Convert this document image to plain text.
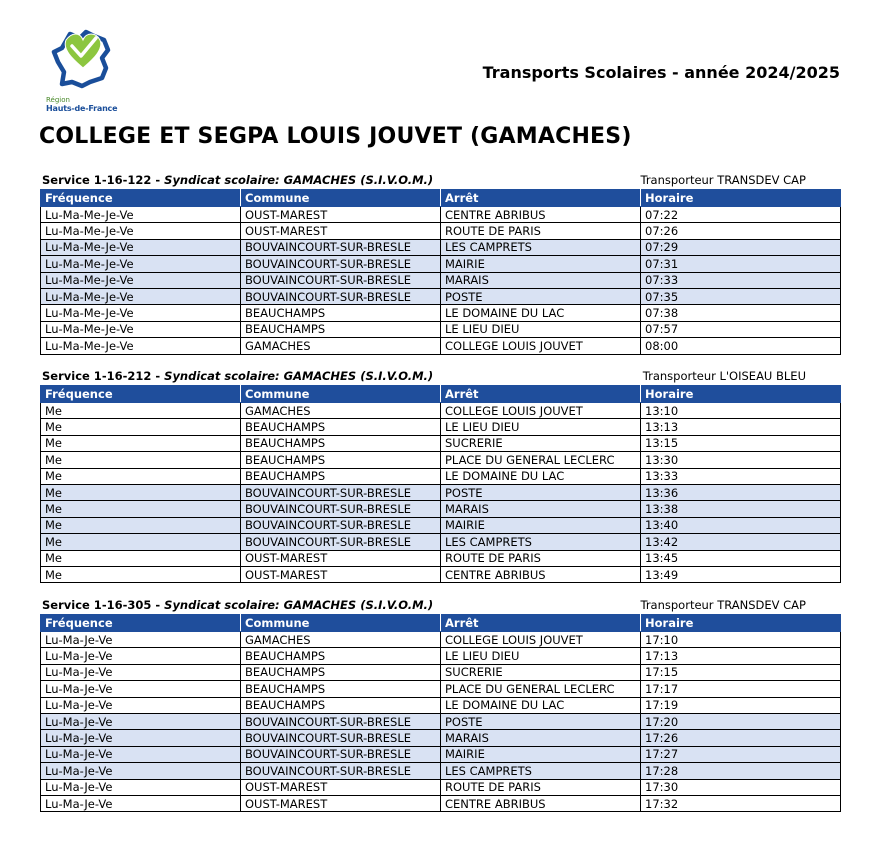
Région
Hauts-de-France
Transports Scolaires - année 2024/2025
COLLEGE ET SEGPA LOUIS JOUVET (GAMACHES)
Service 1-16-122 - Syndicat scolaire: GAMACHES (S.I.V.O.M.)	Transporteur TRANSDEV CAP
Fréquence	Commune	Arrêt	Horaire
Lu-Ma-Me-Je-Ve	OUST-MAREST	CENTRE ABRIBUS	07:22
Lu-Ma-Me-Je-Ve	OUST-MAREST	ROUTE DE PARIS	07:26
Lu-Ma-Me-Je-Ve	BOUVAINCOURT-SUR-BRESLE	LES CAMPRETS	07:29
Lu-Ma-Me-Je-Ve	BOUVAINCOURT-SUR-BRESLE	MAIRIE	07:31
Lu-Ma-Me-Je-Ve	BOUVAINCOURT-SUR-BRESLE	MARAIS	07:33
Lu-Ma-Me-Je-Ve	BOUVAINCOURT-SUR-BRESLE	POSTE	07:35
Lu-Ma-Me-Je-Ve	BEAUCHAMPS	LE DOMAINE DU LAC	07:38
Lu-Ma-Me-Je-Ve	BEAUCHAMPS	LE LIEU DIEU	07:57
Lu-Ma-Me-Je-Ve	GAMACHES	COLLEGE LOUIS JOUVET	08:00
Service 1-16-212 - Syndicat scolaire: GAMACHES (S.I.V.O.M.)	Transporteur L'OISEAU BLEU
Fréquence	Commune	Arrêt	Horaire
Me	GAMACHES	COLLEGE LOUIS JOUVET	13:10
Me	BEAUCHAMPS	LE LIEU DIEU	13:13
Me	BEAUCHAMPS	SUCRERIE	13:15
Me	BEAUCHAMPS	PLACE DU GENERAL LECLERC	13:30
Me	BEAUCHAMPS	LE DOMAINE DU LAC	13:33
Me	BOUVAINCOURT-SUR-BRESLE	POSTE	13:36
Me	BOUVAINCOURT-SUR-BRESLE	MARAIS	13:38
Me	BOUVAINCOURT-SUR-BRESLE	MAIRIE	13:40
Me	BOUVAINCOURT-SUR-BRESLE	LES CAMPRETS	13:42
Me	OUST-MAREST	ROUTE DE PARIS	13:45
Me	OUST-MAREST	CENTRE ABRIBUS	13:49
Service 1-16-305 - Syndicat scolaire: GAMACHES (S.I.V.O.M.)	Transporteur TRANSDEV CAP
Fréquence	Commune	Arrêt	Horaire
Lu-Ma-Je-Ve	GAMACHES	COLLEGE LOUIS JOUVET	17:10
Lu-Ma-Je-Ve	BEAUCHAMPS	LE LIEU DIEU	17:13
Lu-Ma-Je-Ve	BEAUCHAMPS	SUCRERIE	17:15
Lu-Ma-Je-Ve	BEAUCHAMPS	PLACE DU GENERAL LECLERC	17:17
Lu-Ma-Je-Ve	BEAUCHAMPS	LE DOMAINE DU LAC	17:19
Lu-Ma-Je-Ve	BOUVAINCOURT-SUR-BRESLE	POSTE	17:20
Lu-Ma-Je-Ve	BOUVAINCOURT-SUR-BRESLE	MARAIS	17:26
Lu-Ma-Je-Ve	BOUVAINCOURT-SUR-BRESLE	MAIRIE	17:27
Lu-Ma-Je-Ve	BOUVAINCOURT-SUR-BRESLE	LES CAMPRETS	17:28
Lu-Ma-Je-Ve	OUST-MAREST	ROUTE DE PARIS	17:30
Lu-Ma-Je-Ve	OUST-MAREST	CENTRE ABRIBUS	17:32
